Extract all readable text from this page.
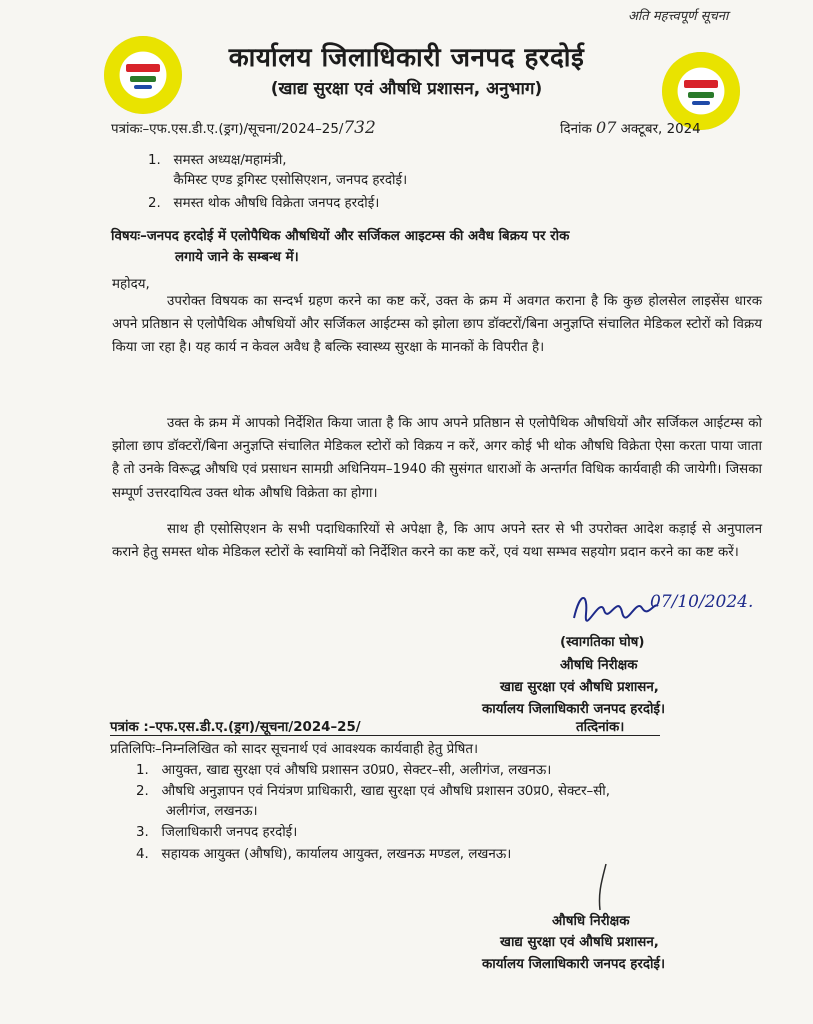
अति महत्त्वपूर्ण सूचना
कार्यालय जिलाधिकारी जनपद हरदोई
(खाद्य सुरक्षा एवं औषधि प्रशासन, अनुभाग)
पत्रांकः–एफ.एस.डी.ए.(ड्रग)/सूचना/2024–25/732	दिनांक 07 अक्टूबर, 2024
1.   समस्त अध्यक्ष/महामंत्री,
कैमिस्ट एण्ड ड्रगिस्ट एसोसिएशन, जनपद हरदोई।
2.   समस्त थोक औषधि विक्रेता जनपद हरदोई।
विषयः–जनपद हरदोई में एलोपैथिक औषधियों और सर्जिकल आइटम्स की अवैध बिक्रय पर रोक
लगाये जाने के सम्बन्ध में।
महोदय,
उपरोक्त विषयक का सन्दर्भ ग्रहण करने का कष्ट करें, उक्त के क्रम में अवगत कराना है कि कुछ होलसेल लाइसेंस धारक अपने प्रतिष्ठान से एलोपैथिक औषधियों और सर्जिकल आईटम्स को झोला छाप डॉक्टरों/बिना अनुज्ञप्ति संचालित मेडिकल स्टोरों को विक्रय किया जा रहा है। यह कार्य न केवल अवैध है बल्कि स्वास्थ्य सुरक्षा के मानकों के विपरीत है।
उक्त के क्रम में आपको निर्देशित किया जाता है कि आप अपने प्रतिष्ठान से एलोपैथिक औषधियों और सर्जिकल आईटम्स को झोला छाप डॉक्टरों/बिना अनुज्ञप्ति संचालित मेडिकल स्टोरों को विक्रय न करें, अगर कोई भी थोक औषधि विक्रेता ऐसा करता पाया जाता है तो उनके विरूद्ध औषधि एवं प्रसाधन सामग्री अधिनियम–1940 की सुसंगत धाराओं के अन्तर्गत विधिक कार्यवाही की जायेगी। जिसका सम्पूर्ण उत्तरदायित्व उक्त थोक औषधि विक्रेता का होगा।
साथ ही एसोसिएशन के सभी पदाधिकारियों से अपेक्षा है, कि आप अपने स्तर से भी उपरोक्त आदेश कड़ाई से अनुपालन कराने हेतु समस्त थोक मेडिकल स्टोरों के स्वामियों को निर्देशित करने का कष्ट करें, एवं यथा सम्भव सहयोग प्रदान करने का कष्ट करें।
07/10/2024.
(स्वागतिका घोष)
औषधि निरीक्षक
खाद्य सुरक्षा एवं औषधि प्रशासन,
कार्यालय जिलाधिकारी जनपद हरदोई।
पत्रांक :–एफ.एस.डी.ए.(ड्रग)/सूचना/2024–25/	तत्‍दिनांक।
प्रतिलिपिः–निम्नलिखित को सादर सूचनार्थ एवं आवश्यक कार्यवाही हेतु प्रेषित।
1.   आयुक्त, खाद्य सुरक्षा एवं औषधि प्रशासन उ0प्र0, सेक्टर–सी, अलीगंज, लखनऊ।
2.   औषधि अनुज्ञापन एवं नियंत्रण प्राधिकारी, खाद्य सुरक्षा एवं औषधि प्रशासन उ0प्र0, सेक्टर–सी,
अलीगंज, लखनऊ।
3.   जिलाधिकारी जनपद हरदोई।
4.   सहायक आयुक्त (औषधि), कार्यालय आयुक्त, लखनऊ मण्डल, लखनऊ।
औषधि निरीक्षक
खाद्य सुरक्षा एवं औषधि प्रशासन,
कार्यालय जिलाधिकारी जनपद हरदोई।
